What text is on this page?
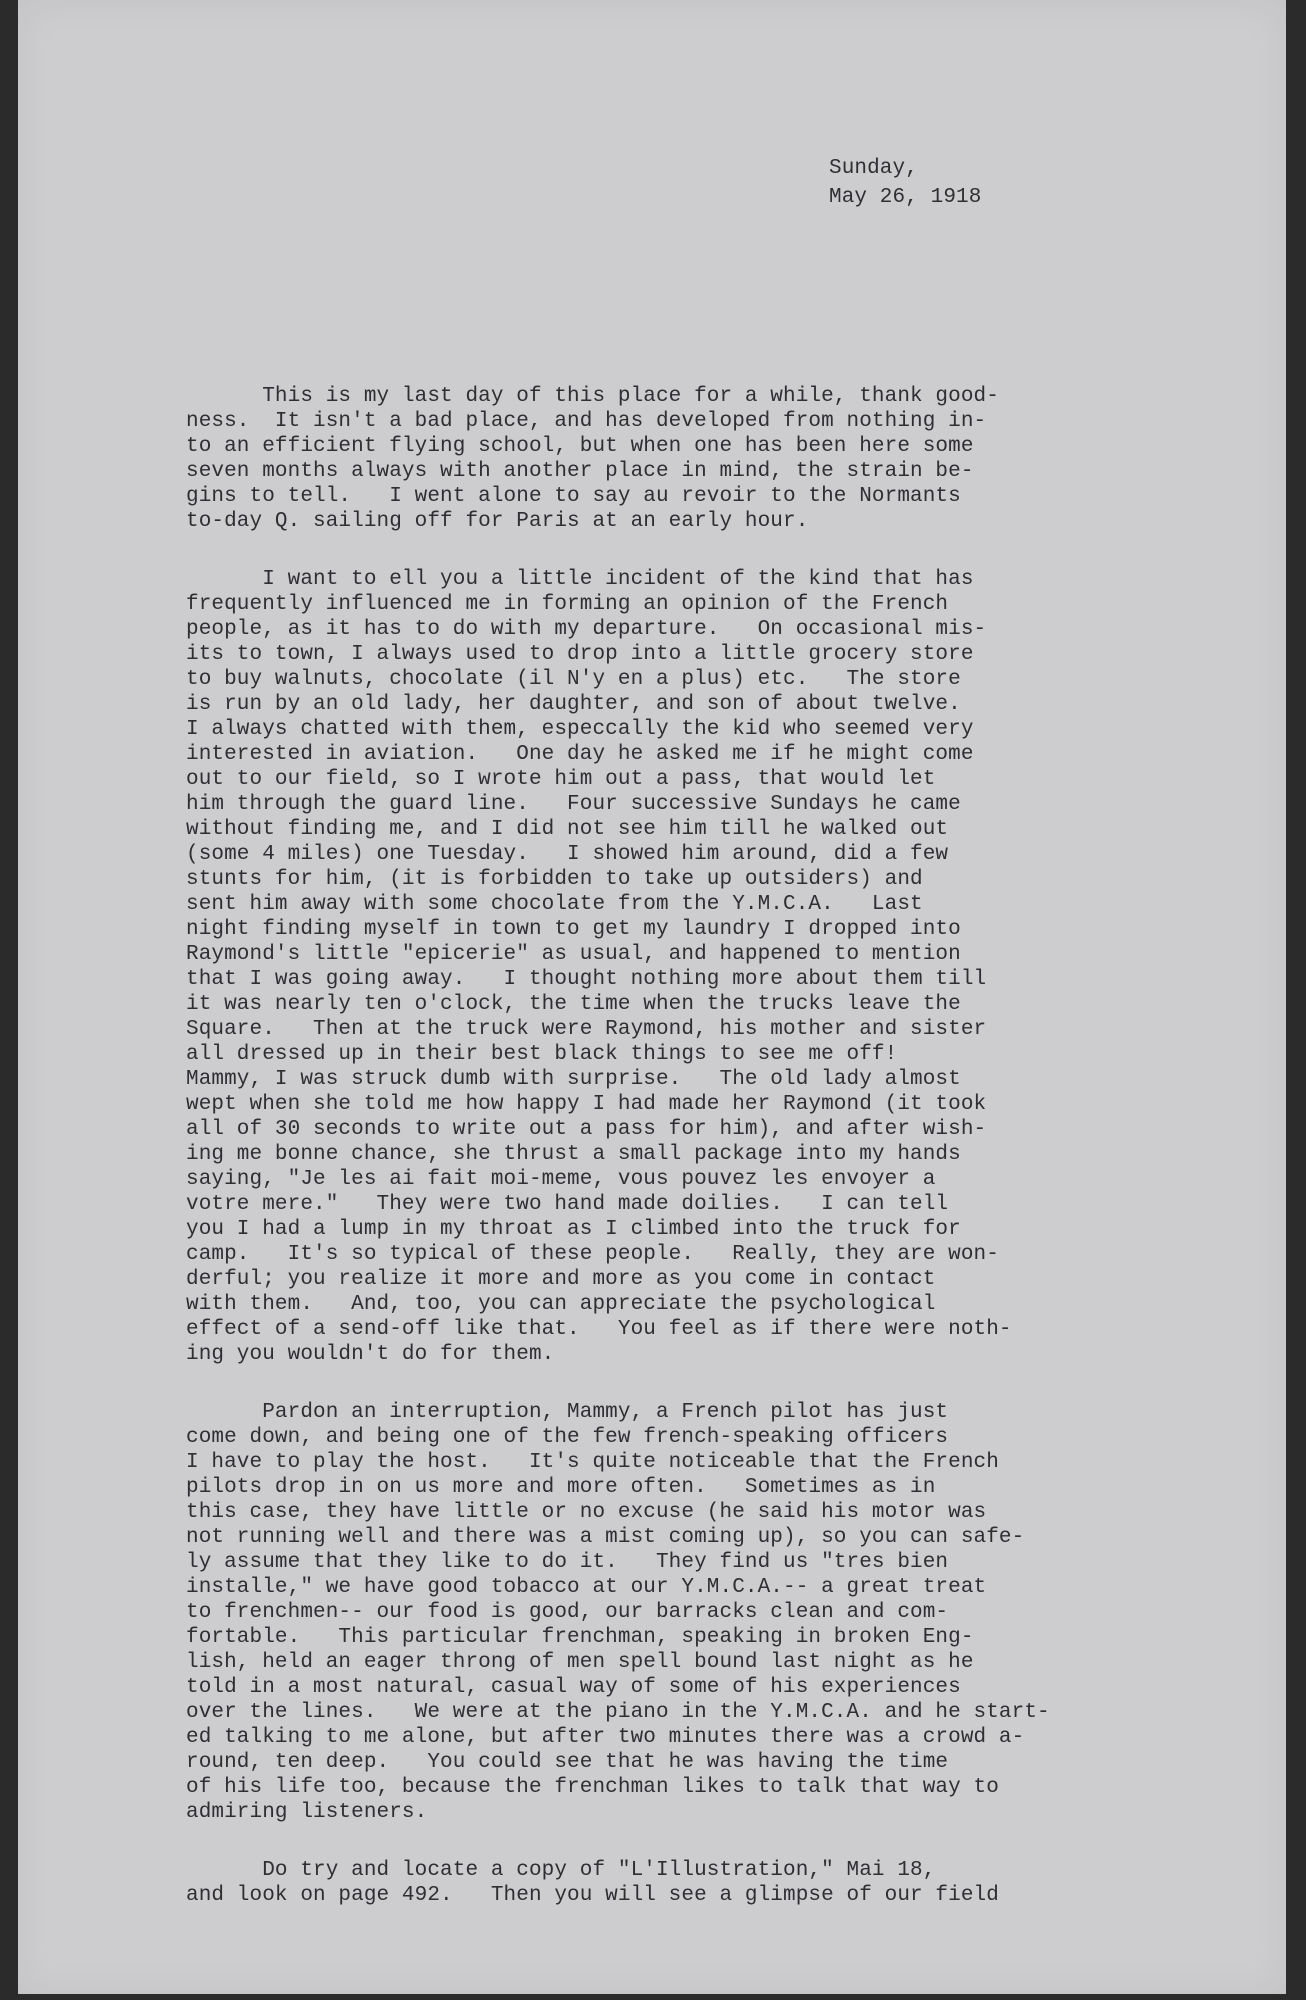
Sunday,
May 26, 1918
This is my last day of this place for a while, thank good-
ness.  It isn't a bad place, and has developed from nothing in-
to an efficient flying school, but when one has been here some
seven months always with another place in mind, the strain be-
gins to tell.   I went alone to say au revoir to the Normants
to-day Q. sailing off for Paris at an early hour.
I want to ell you a little incident of the kind that has
frequently influenced me in forming an opinion of the French
people, as it has to do with my departure.   On occasional mis-
its to town, I always used to drop into a little grocery store
to buy walnuts, chocolate (il N'y en a plus) etc.   The store
is run by an old lady, her daughter, and son of about twelve.
I always chatted with them, especcally the kid who seemed very
interested in aviation.   One day he asked me if he might come
out to our field, so I wrote him out a pass, that would let
him through the guard line.   Four successive Sundays he came
without finding me, and I did not see him till he walked out
(some 4 miles) one Tuesday.   I showed him around, did a few
stunts for him, (it is forbidden to take up outsiders) and
sent him away with some chocolate from the Y.M.C.A.   Last
night finding myself in town to get my laundry I dropped into
Raymond's little "epicerie" as usual, and happened to mention
that I was going away.   I thought nothing more about them till
it was nearly ten o'clock, the time when the trucks leave the
Square.   Then at the truck were Raymond, his mother and sister
all dressed up in their best black things to see me off!
Mammy, I was struck dumb with surprise.   The old lady almost
wept when she told me how happy I had made her Raymond (it took
all of 30 seconds to write out a pass for him), and after wish-
ing me bonne chance, she thrust a small package into my hands
saying, "Je les ai fait moi-meme, vous pouvez les envoyer a
votre mere."   They were two hand made doilies.   I can tell
you I had a lump in my throat as I climbed into the truck for
camp.   It's so typical of these people.   Really, they are won-
derful; you realize it more and more as you come in contact
with them.   And, too, you can appreciate the psychological
effect of a send-off like that.   You feel as if there were noth-
ing you wouldn't do for them.
Pardon an interruption, Mammy, a French pilot has just
come down, and being one of the few french-speaking officers
I have to play the host.   It's quite noticeable that the French
pilots drop in on us more and more often.   Sometimes as in
this case, they have little or no excuse (he said his motor was
not running well and there was a mist coming up), so you can safe-
ly assume that they like to do it.   They find us "tres bien
installe," we have good tobacco at our Y.M.C.A.-- a great treat
to frenchmen-- our food is good, our barracks clean and com-
fortable.   This particular frenchman, speaking in broken Eng-
lish, held an eager throng of men spell bound last night as he
told in a most natural, casual way of some of his experiences
over the lines.   We were at the piano in the Y.M.C.A. and he start-
ed talking to me alone, but after two minutes there was a crowd a-
round, ten deep.   You could see that he was having the time
of his life too, because the frenchman likes to talk that way to
admiring listeners.
Do try and locate a copy of "L'Illustration," Mai 18,
and look on page 492.   Then you will see a glimpse of our field
